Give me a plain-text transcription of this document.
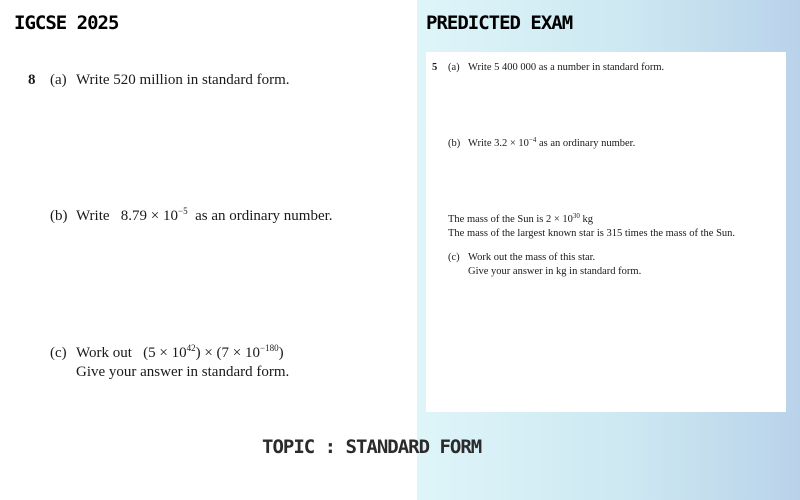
IGCSE 2025	PREDICTED EXAM
8 (a) Write 520 million in standard form.
(b) Write   $8.79 \times 10^{-5}$  as an ordinary number.
(c) Work out   $(5 \times 10^{42}) \times (7 \times 10^{-180})$
Give your answer in standard form.
5 (a) Write 5 400 000 as a number in standard form.
(b) Write $3.2 \times 10^{-4}$ as an ordinary number.
The mass of the Sun is $2 \times 10^{30}$ kg
The mass of the largest known star is 315 times the mass of the Sun.
(c) Work out the mass of this star.
Give your answer in kg in standard form.
TOPIC : STANDARD FORM
